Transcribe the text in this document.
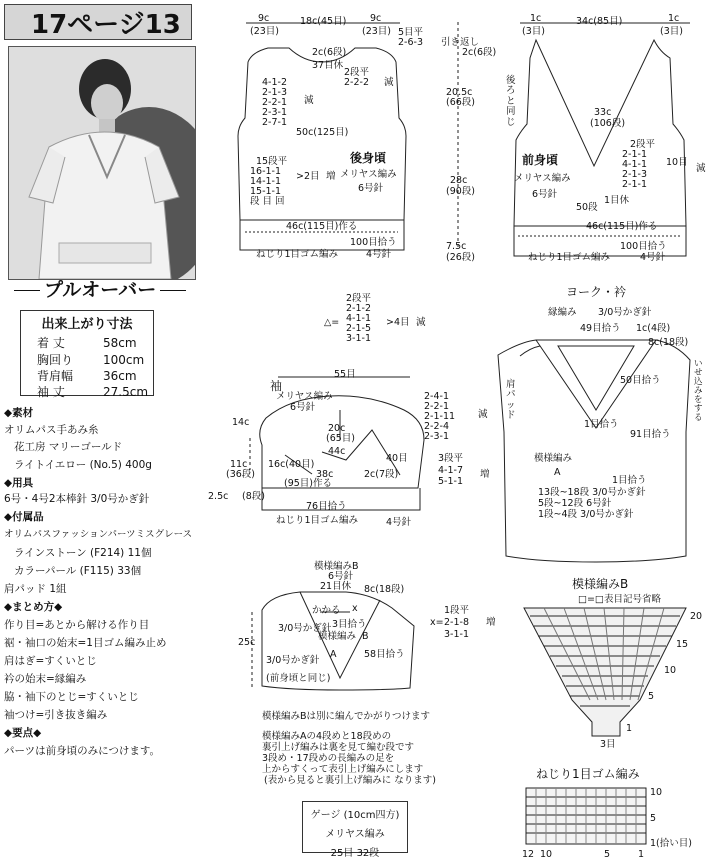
17ページ13
プルオーバー
出来上がり寸法
着 丈	58cm
胸回り 100cm
背肩幅 36cm
袖 丈	27.5cm
◆素材
オリムパス手あみ糸
花工房 マリーゴールド
ライトイエロー (No.5) 400g
◆用具
6号・4号2本棒針 3/0号かぎ針
◆付属品
オリムパスファッションパーツミスグレース
ラインストーン (F214) 11個
カラーパール (F115) 33個
肩パッド 1組
◆まとめ方◆
作り目=あとから解ける作り目
裾・袖口の始末=1目ゴム編み止め
肩はぎ=すくいとじ
衿の始末=縁編み
脇・袖下のとじ=すくいとじ
袖つけ=引き抜き編み
◆要点◆
パーツは前身頃のみにつけます。
9c
(23目)
18c(45目) 9c
(23目) 5目平
2-6-3 引き返し
2c(6段)	2c(6段)
37目休
2段平
2-2-2 減
4-1-2
2-1-3
2-2-1
2-3-1
2-7-1
減
50c(125目)
15段平
16-1-1
14-1-1
15-1-1
段 目 回
>2目 増
後身頃
メリヤス編み
6号針
46c(115目)作る
100目拾う
ねじり1目ゴム編み	4号針
20.5c
(66段)
28c
(90段)
7.5c
(26段)
1c
(3目)
34c(85目)	1c
(3目)
後ろと同じ
33c
(106段)
2段平
2-1-1
4-1-1
2-1-3
2-1-1
10目
減
前身頃
メリヤス編み
6号針
1目休
50段
46c(115目)作る
100目拾う
ねじり1目ゴム編み	4号針
2段平
△=
2-1-2
4-1-1
2-1-5
3-1-1
>4目 減
袖
55目
メリヤス編み
6号針
2-4-1
2-2-1
2-1-11
2-2-4
2-3-1
減
14c
20c
(65目)
44c
40目
11c
(36段)
16c(40目)
38c
(95目)作る
2c(7段)
3段平
4-1-7
5-1-1
増
2.5c (8段)
76目拾う
ねじり1目ゴム編み	4号針
ヨーク・衿
縁編み 3/0号かぎ針
49目拾う 1c(4段)
8c(18段)
肩パッド
いせ込みをする
50目拾う
1目拾う
91目拾う
模様編み
A
1目拾う
13段~18段 3/0号かぎ針
5段~12段 6号針
1段~4段 3/0号かぎ針
模様編みB
6号針
21目休 8c(18段)
かかる x
3目拾う
模様編み B
3/0号かぎ針
3/0号かぎ針
(前身頃と同じ)
A	58目拾う
25c
x=
1段平
2-1-8
3-1-1
増
模様編みBは別に編んでかがりつけます
模様編みAの4段めと18段めの
裏引上げ編みは裏を見て編む段です
3段め・17段めの長編みの足を
上からすくって表引上げ編みにします
(表から見ると裏引上げ編みに なります)
模様編みB
□=□ 表目記号省略
20
15
10
5
1
3目
ねじり1目ゴム編み
10
5
1(拾い目)
12 10	5	1
ゲージ (10cm四方)
メリヤス編み
25目 32段
